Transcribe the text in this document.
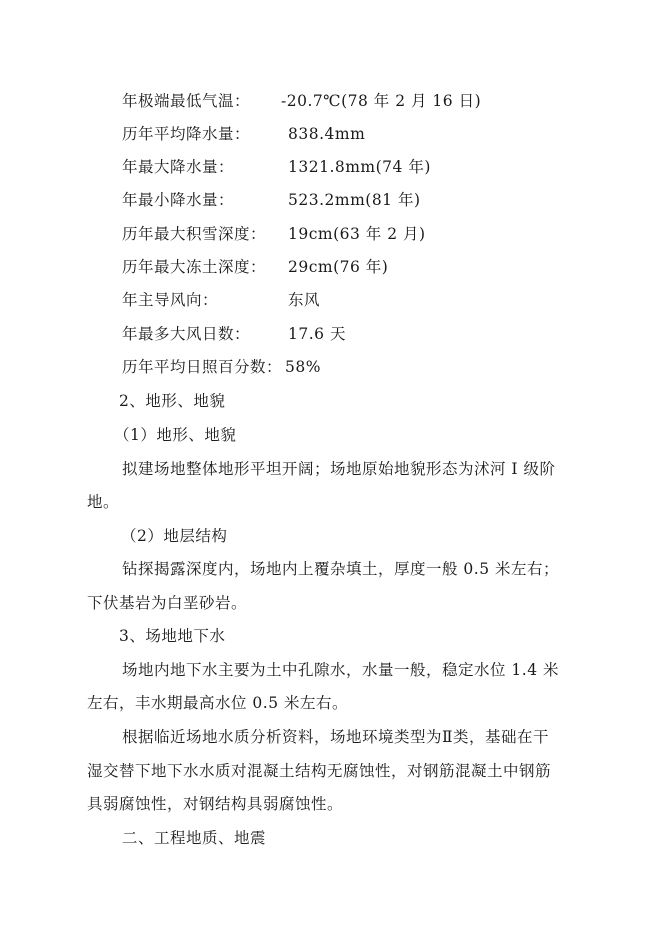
年极端最低气温： -20.7℃(78 年 2 月 16 日)
历年平均降水量： 838.4mm
年最大降水量：	1321.8mm(74 年)
年最小降水量：	523.2mm(81 年)
历年最大积雪深度： 19cm(63 年 2 月)
历年最大冻土深度： 29cm(76 年)
年主导风向：	东风
年最多大风日数： 17.6 天
历年平均日照百分数： 58%
2、地形、地貌
（1）地形、地貌
拟建场地整体地形平坦开阔；场地原始地貌形态为沭河 I 级阶
地。
（2）地层结构
钻探揭露深度内，场地内上覆杂填土，厚度一般 0.5 米左右；
下伏基岩为白垩砂岩。
3、场地地下水
场地内地下水主要为土中孔隙水，水量一般，稳定水位 1.4 米
左右，丰水期最高水位 0.5 米左右。
根据临近场地水质分析资料，场地环境类型为Ⅱ类，基础在干
湿交替下地下水水质对混凝土结构无腐蚀性，对钢筋混凝土中钢筋
具弱腐蚀性，对钢结构具弱腐蚀性。
二、工程地质、地震
